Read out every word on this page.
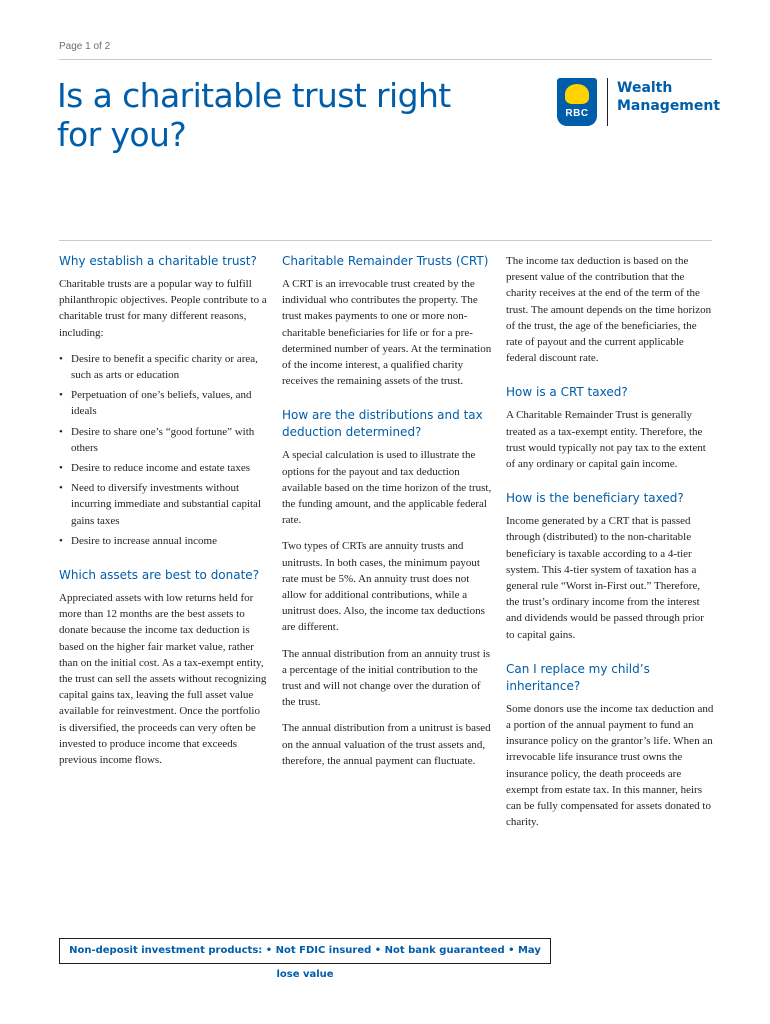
Page 1 of 2
Is a charitable trust right for you?
RBC
Wealth
Management
Why establish a charitable trust?

Charitable trusts are a popular way to fulfill philanthropic objectives. People contribute to a charitable trust for many different reasons, including:

• Desire to benefit a specific charity or area, such as arts or education
• Perpetuation of one’s beliefs, values, and ideals
• Desire to share one’s “good fortune” with others
• Desire to reduce income and estate taxes
• Need to diversify investments without incurring immediate and substantial capital gains taxes
• Desire to increase annual income
Which assets are best to donate?

Appreciated assets with low returns held for more than 12 months are the best assets to donate because the income tax deduction is based on the higher fair market value, rather than on the initial cost. As a tax-exempt entity, the trust can sell the assets without recognizing capital gains tax, leaving the full asset value available for reinvestment. Once the portfolio is diversified, the proceeds can very often be invested to produce income that exceeds previous income flows.

Charitable Remainder Trusts (CRT)

A CRT is an irrevocable trust created by the individual who contributes the property. The trust makes payments to one or more non-charitable beneficiaries for life or for a pre-determined number of years. At the termination of the income interest, a qualified charity receives the remaining assets of the trust.

How are the distributions and tax deduction determined?

A special calculation is used to illustrate the options for the payout and tax deduction available based on the time horizon of the trust, the funding amount, and the applicable federal rate.

Two types of CRTs are annuity trusts and unitrusts. In both cases, the minimum payout rate must be 5%. An annuity trust does not allow for additional contributions, while a unitrust does. Also, the income tax deductions are different.

The annual distribution from an annuity trust is a percentage of the initial contribution to the trust and will not change over the duration of the trust.

The annual distribution from a unitrust is based on the annual valuation of the trust assets and, therefore, the annual payment can fluctuate.

The income tax deduction is based on the present value of the contribution that the charity receives at the end of the term of the trust. The amount depends on the time horizon of the trust, the age of the beneficiaries, the rate of payout and the current applicable federal discount rate.

How is a CRT taxed?

A Charitable Remainder Trust is generally treated as a tax-exempt entity. Therefore, the trust would typically not pay tax to the extent of any ordinary or capital gain income.

How is the beneficiary taxed?

Income generated by a CRT that is passed through (distributed) to the non-charitable beneficiary is taxable according to a 4-tier system. This 4-tier system of taxation has a general rule “Worst in-First out.” Therefore, the trust’s ordinary income from the interest and dividends would be passed through prior to capital gains.

Can I replace my child’s inheritance?

Some donors use the income tax deduction and a portion of the annual payment to fund an insurance policy on the grantor’s life. When an irrevocable life insurance trust owns the insurance policy, the death proceeds are exempt from estate tax. In this manner, heirs can be fully compensated for assets donated to charity.

Non-deposit investment products: • Not FDIC insured • Not bank guaranteed • May lose value
